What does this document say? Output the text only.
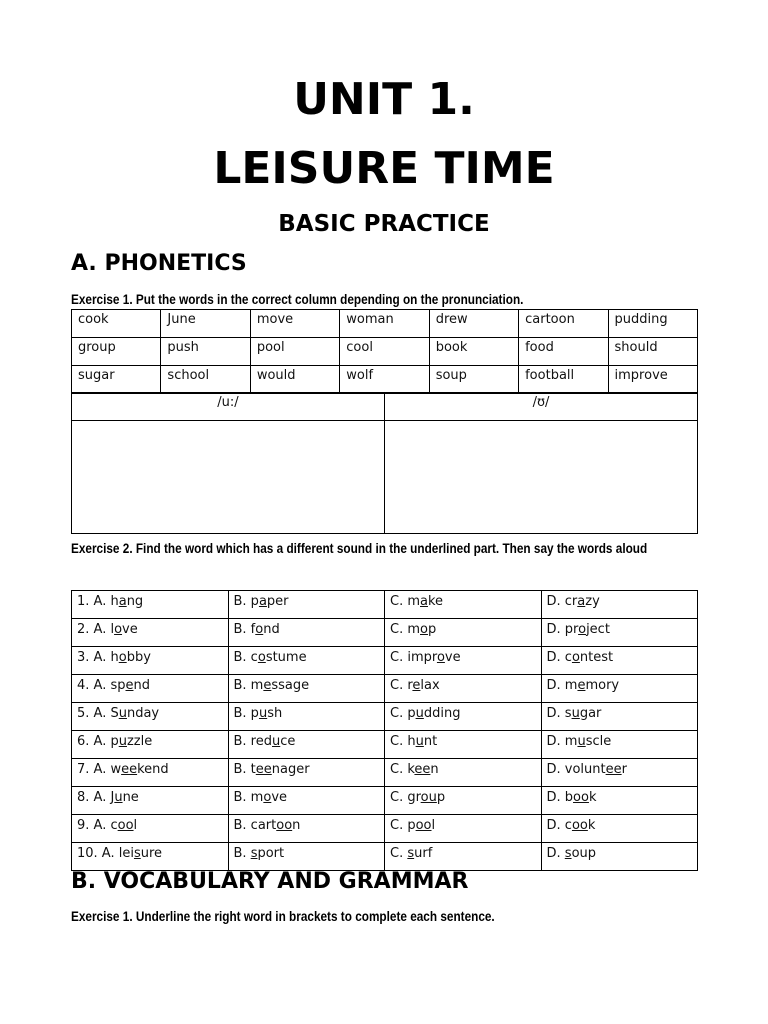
UNIT 1.
LEISURE TIME
BASIC PRACTICE
A. PHONETICS

Exercise 1. Put the words in the correct column depending on the pronunciation.

cook	June	move	woman	drew	cartoon	pudding
group	push	pool	cool	book	food	should
sugar	school	would	wolf	soup	football	improve
/u:/	/ʊ/

Exercise 2. Find the word which has a different sound in the underlined part. Then say the words aloud

1. A. hang	B. paper	C. make	D. crazy
2. A. love	B. fond	C. mop	D. project
3. A. hobby	B. costume	C. improve	D. contest
4. A. spend	B. message	C. relax	D. memory
5. A. Sunday	B. push	C. pudding	D. sugar
6. A. puzzle	B. reduce	C. hunt	D. muscle
7. A. weekend	B. teenager	C. keen	D. volunteer
8. A. June	B. move	C. group	D. book
9. A. cool	B. cartoon	C. pool	D. cook
10. A. leisure	B. sport	C. surf	D. soup
B. VOCABULARY AND GRAMMAR

Exercise 1. Underline the right word in brackets to complete each sentence.
